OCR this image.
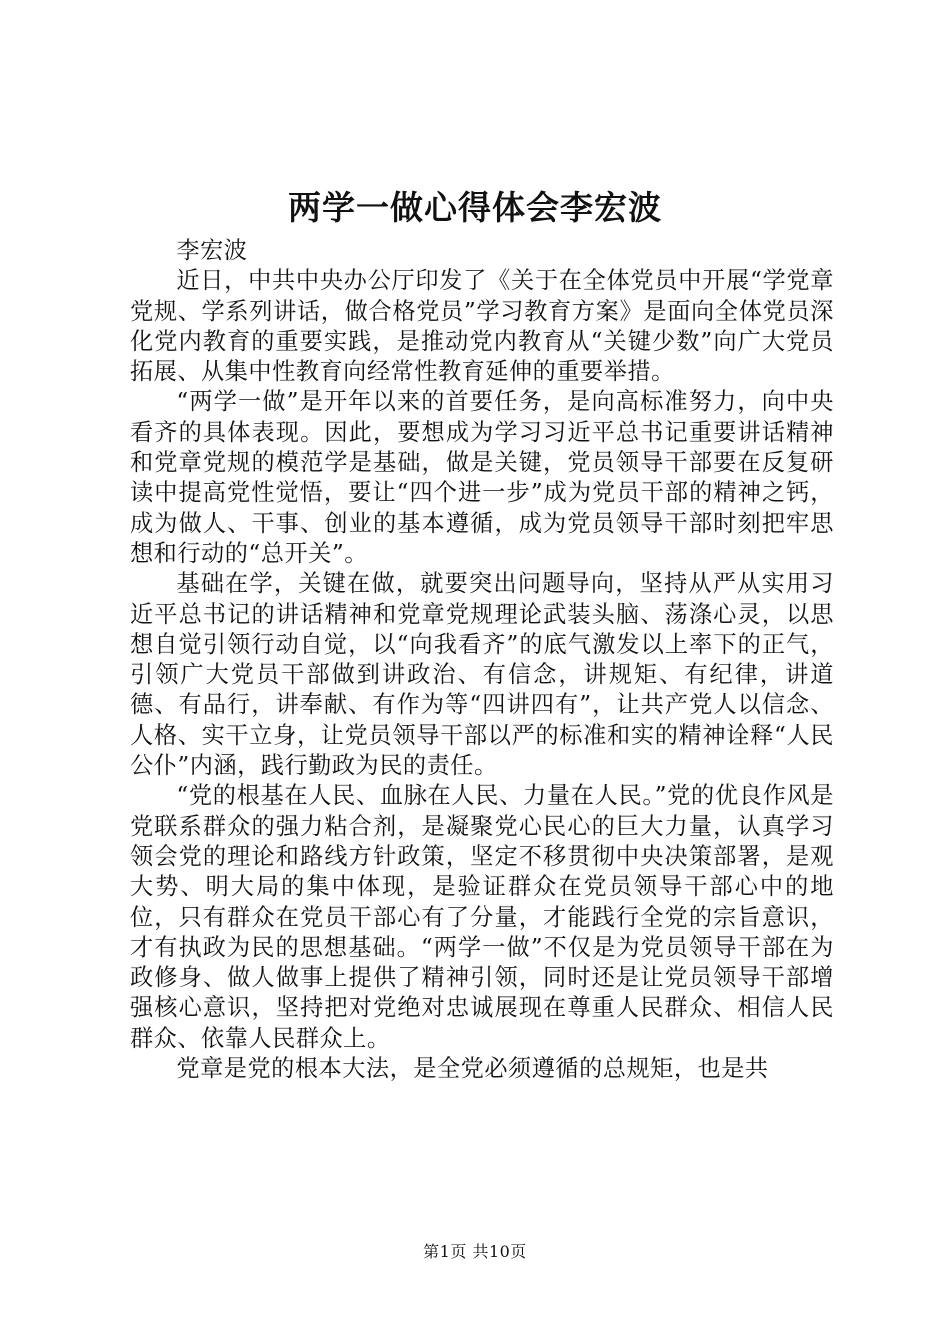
两学一做心得体会李宏波
李宏波

近日，中共中央办公厅印发了《关于在全体党员中开展“学党章党规、学系列讲话，做合格党员”学习教育方案》是面向全体党员深化党内教育的重要实践，是推动党内教育从“关键少数”向广大党员拓展、从集中性教育向经常性教育延伸的重要举措。

“两学一做”是开年以来的首要任务，是向高标准努力，向中央看齐的具体表现。因此，要想成为学习习近平总书记重要讲话精神和党章党规的模范学是基础，做是关键，党员领导干部要在反复研读中提高党性觉悟，要让“四个进一步”成为党员干部的精神之钙，成为做人、干事、创业的基本遵循，成为党员领导干部时刻把牢思想和行动的“总开关”。

基础在学，关键在做，就要突出问题导向，坚持从严从实用习近平总书记的讲话精神和党章党规理论武装头脑、荡涤心灵，以思想自觉引领行动自觉，以“向我看齐”的底气激发以上率下的正气，引领广大党员干部做到讲政治、有信念，讲规矩、有纪律，讲道德、有品行，讲奉献、有作为等“四讲四有”，让共产党人以信念、人格、实干立身，让党员领导干部以严的标准和实的精神诠释“人民公仆”内涵，践行勤政为民的责任。

“党的根基在人民、血脉在人民、力量在人民。”党的优良作风是党联系群众的强力粘合剂，是凝聚党心民心的巨大力量，认真学习领会党的理论和路线方针政策，坚定不移贯彻中央决策部署，是观大势、明大局的集中体现，是验证群众在党员领导干部心中的地位，只有群众在党员干部心有了分量，才能践行全党的宗旨意识，才有执政为民的思想基础。“两学一做”不仅是为党员领导干部在为政修身、做人做事上提供了精神引领，同时还是让党员领导干部增强核心意识，坚持把对党绝对忠诚展现在尊重人民群众、相信人民群众、依靠人民群众上。

党章是党的根本大法，是全党必须遵循的总规矩，也是共

第1页 共10页
